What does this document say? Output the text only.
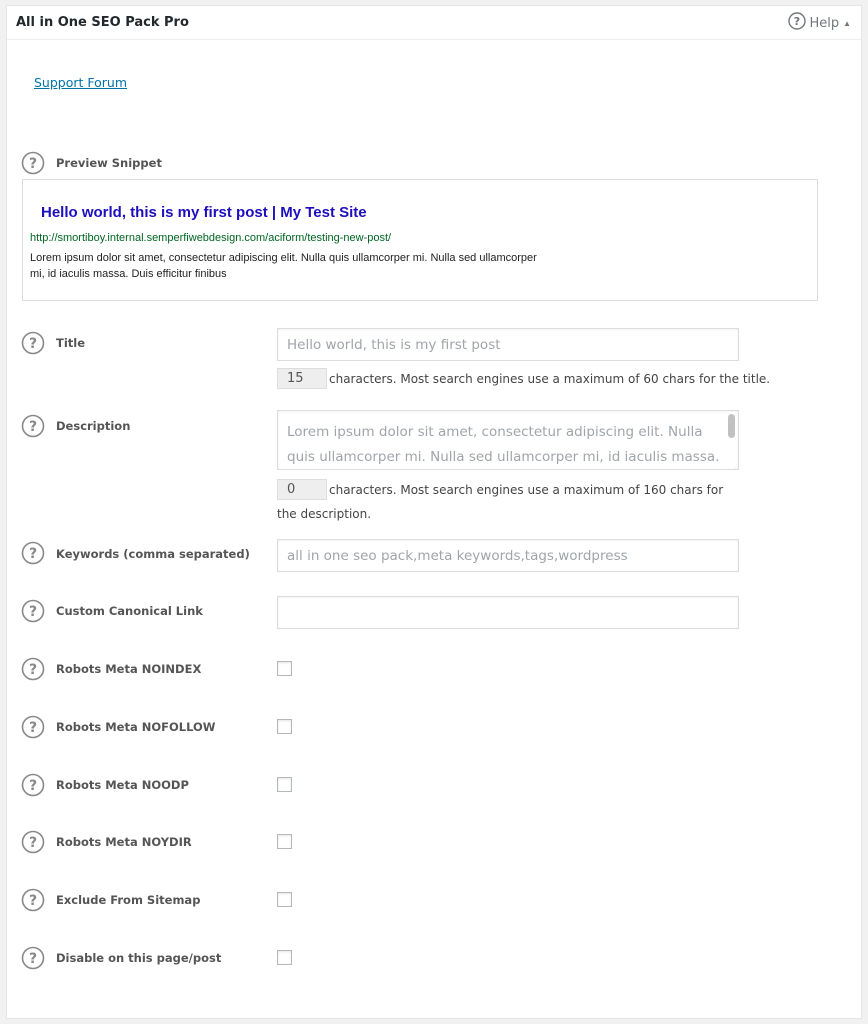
All in One SEO Pack Pro	? Help ▲
Support Forum
? Preview Snippet
Hello world, this is my first post | My Test Site
http://smortiboy.internal.semperfiwebdesign.com/aciform/testing-new-post/
Lorem ipsum dolor sit amet, consectetur adipiscing elit. Nulla quis ullamcorper mi. Nulla sed ullamcorper mi, id iaculis massa. Duis efficitur finibus
? Title	Hello world, this is my first post
15	characters. Most search engines use a maximum of 60 chars for the title.
? Description	Lorem ipsum dolor sit amet, consectetur adipiscing elit. Nulla quis ullamcorper mi. Nulla sed ullamcorper mi, id iaculis massa.
0	characters. Most search engines use a maximum of 160 chars for the description.
? Keywords (comma separated)	all in one seo pack,meta keywords,tags,wordpress
? Custom Canonical Link
? Robots Meta NOINDEX
? Robots Meta NOFOLLOW
? Robots Meta NOODP
? Robots Meta NOYDIR
? Exclude From Sitemap
? Disable on this page/post
